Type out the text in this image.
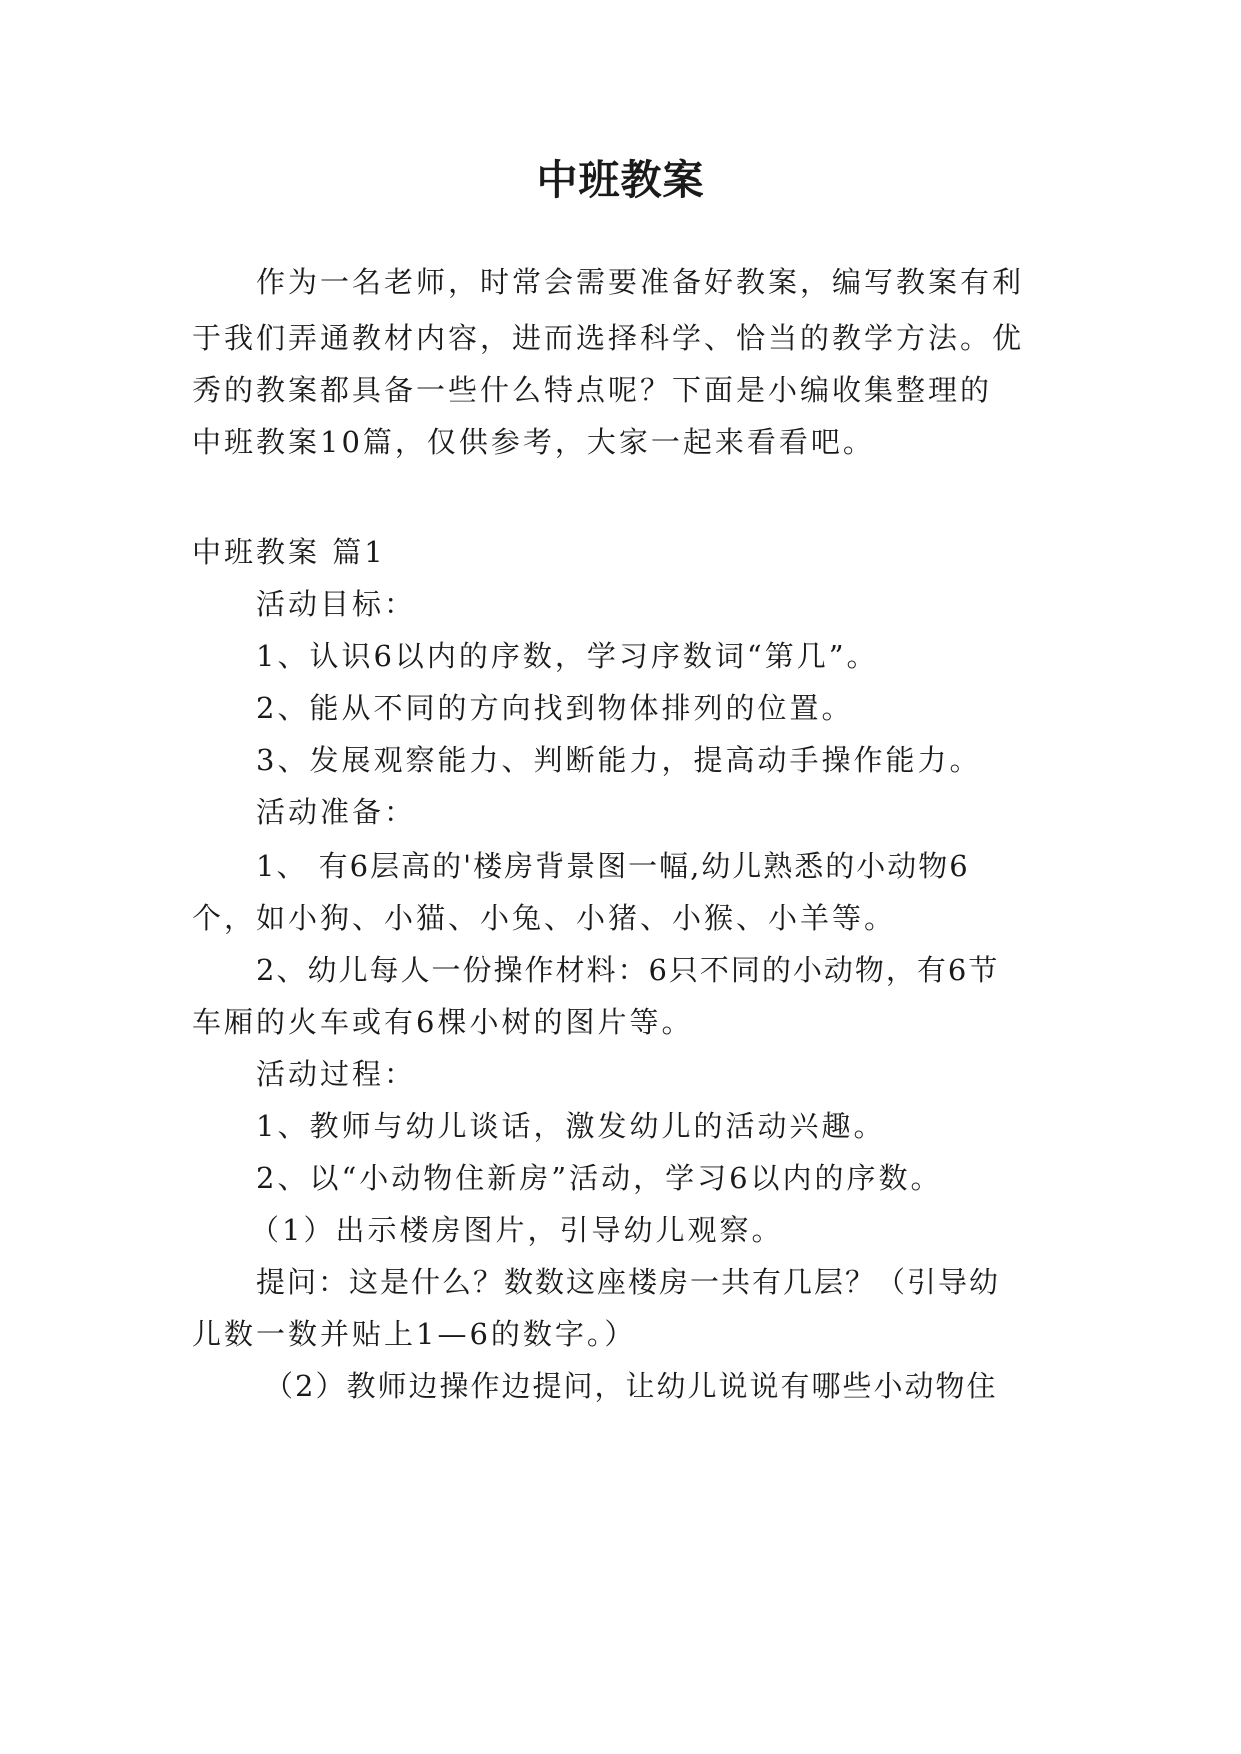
中班教案
作为一名老师，时常会需要准备好教案，编写教案有利
于我们弄通教材内容，进而选择科学、恰当的教学方法。优
秀的教案都具备一些什么特点呢？下面是小编收集整理的
中班教案10篇，仅供参考，大家一起来看看吧。
中班教案 篇1
活动目标：
1、认识6以内的序数，学习序数词“第几”。
2、能从不同的方向找到物体排列的位置。
3、发展观察能力、判断能力，提高动手操作能力。
活动准备：
1、 有6层高的'楼房背景图一幅,幼儿熟悉的小动物6
个，如小狗、小猫、小兔、小猪、小猴、小羊等。
2、幼儿每人一份操作材料：6只不同的小动物，有6节
车厢的火车或有6棵小树的图片等。
活动过程：
1、教师与幼儿谈话，激发幼儿的活动兴趣。
2、以“小动物住新房”活动，学习6以内的序数。
（1）出示楼房图片，引导幼儿观察。
提问：这是什么？数数这座楼房一共有几层？（引导幼
儿数一数并贴上1—6的数字。）
（2）教师边操作边提问，让幼儿说说有哪些小动物住
